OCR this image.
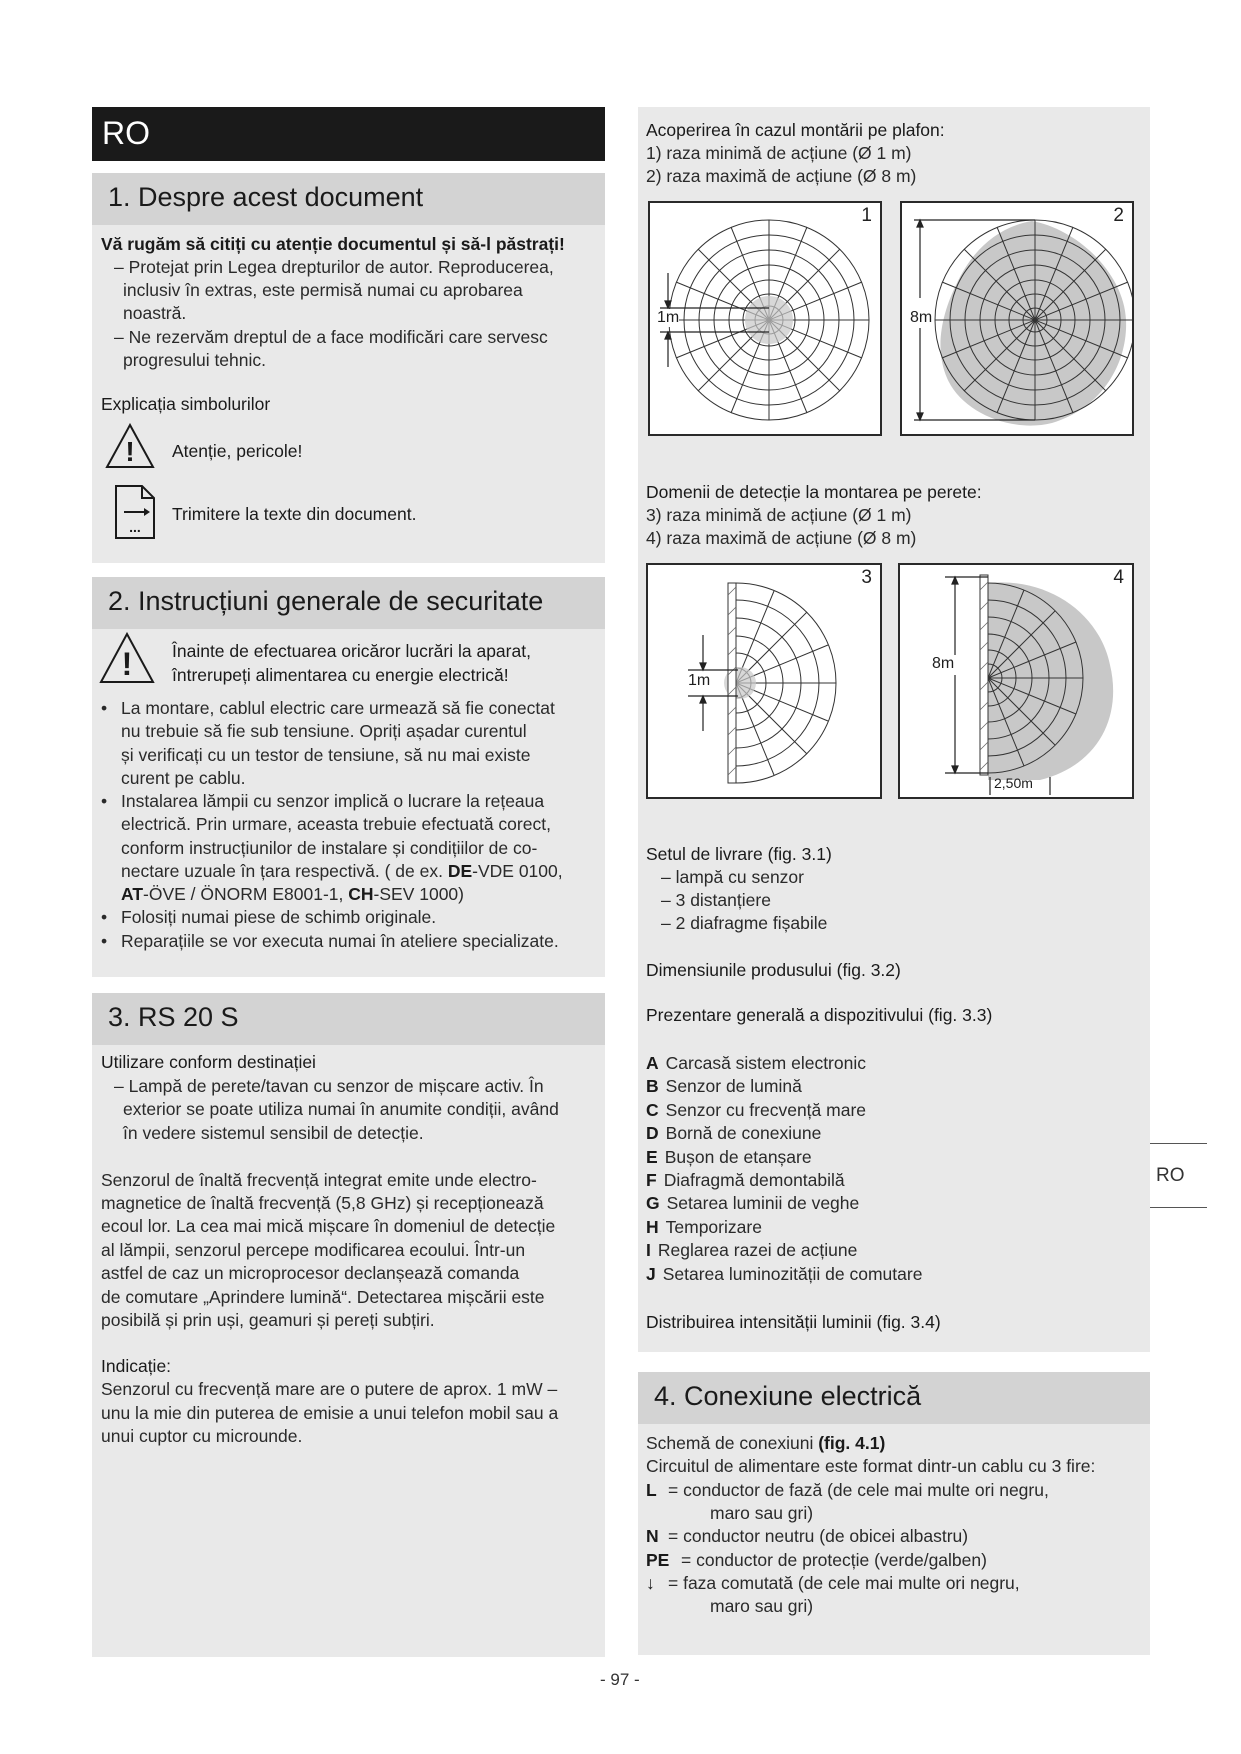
RO
1. Despre acest document
Vă rugăm să citiți cu atenție documentul și să-l păstrați!
– Protejat prin Legea drepturilor de autor. Reproducerea,
inclusiv în extras, este permisă numai cu aprobarea
noastră.
– Ne rezervăm dreptul de a face modificări care servesc
progresului tehnic.
Explicația simbolurilor
! Atenție, pericole!
...
Trimitere la texte din document.
2. Instrucțiuni generale de securitate
! Înainte de efectuarea oricăror lucrări la aparat,
întrerupeți alimentarea cu energie electrică!
• La montare, cablul electric care urmează să fie conectat
nu trebuie să fie sub tensiune. Opriți așadar curentul
și verificați cu un testor de tensiune, să nu mai existe
curent pe cablu.
• Instalarea lămpii cu senzor implică o lucrare la rețeaua
electrică. Prin urmare, aceasta trebuie efectuată corect,
conform instrucțiunilor de instalare și condițiilor de co-
nectare uzuale în țara respectivă. ( de ex. DE-VDE 0100,
AT-ÖVE / ÖNORM E8001-1, CH-SEV 1000)
• Folosiți numai piese de schimb originale.
• Reparațiile se vor executa numai în ateliere specializate.
3. RS 20 S
Utilizare conform destinației
– Lampă de perete/tavan cu senzor de mișcare activ. În
exterior se poate utiliza numai în anumite condiții, având
în vedere sistemul sensibil de detecție.
Senzorul de înaltă frecvență integrat emite unde electro-
magnetice de înaltă frecvență (5,8 GHz) și recepționează
ecoul lor. La cea mai mică mișcare în domeniul de detecție
al lămpii, senzorul percepe modificarea ecoului. Într-un
astfel de caz un microprocesor declanșează comanda
de comutare „Aprindere lumină“. Detectarea mișcării este
posibilă și prin uși, geamuri și pereți subțiri.
Indicație:
Senzorul cu frecvență mare are o putere de aprox. 1 mW –
unu la mie din puterea de emisie a unui telefon mobil sau a
unui cuptor cu microunde.
Acoperirea în cazul montării pe plafon:
1) raza minimă de acțiune (Ø 1 m)
2) raza maximă de acțiune (Ø 8 m)
1
1m
2
8m
Domenii de detecție la montarea pe perete:
3) raza minimă de acțiune (Ø 1 m)
4) raza maximă de acțiune (Ø 8 m)
3
1m
4
8m
2,50m
Setul de livrare (fig. 3.1)
– lampă cu senzor
– 3 distanțiere
– 2 diafragme fișabile
Dimensiunile produsului (fig. 3.2)
Prezentare generală a dispozitivului (fig. 3.3)
A Carcasă sistem electronic
B Senzor de lumină
C Senzor cu frecvență mare
D Bornă de conexiune
E Bușon de etanșare
F Diafragmă demontabilă
G Setarea luminii de veghe
H Temporizare
I Reglarea razei de acțiune
J Setarea luminozității de comutare
Distribuirea intensității luminii (fig. 3.4)
4. Conexiune electrică
Schemă de conexiuni (fig. 4.1)
Circuitul de alimentare este format dintr-un cablu cu 3 fire:
L = conductor de fază (de cele mai multe ori negru,
maro sau gri)
N = conductor neutru (de obicei albastru)
PE = conductor de protecție (verde/galben)
↓ = faza comutată (de cele mai multe ori negru,
maro sau gri)
RO
- 97 -
